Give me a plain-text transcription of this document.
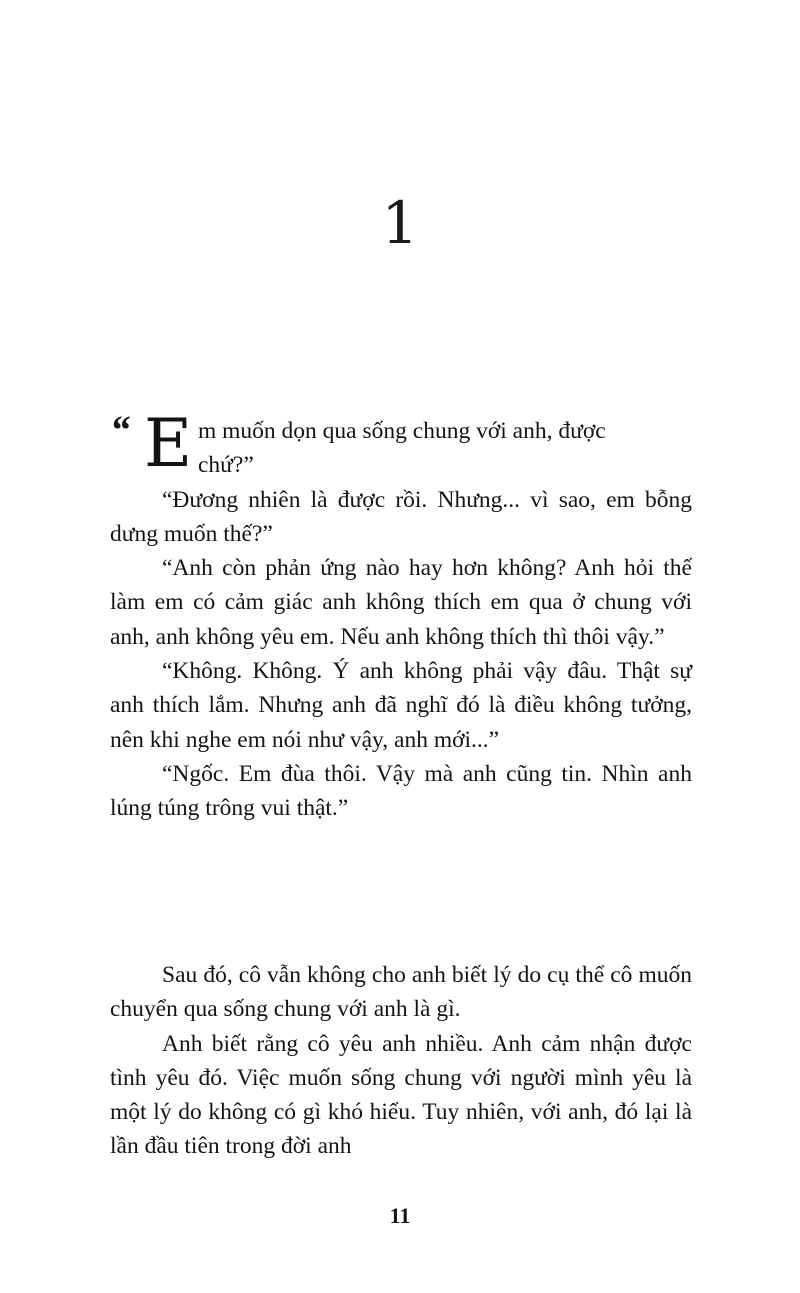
1
“ E m muốn dọn qua sống chung với anh, được
chứ?”

“Đương nhiên là được rồi. Nhưng... vì sao, em bỗng dưng muốn thế?”

“Anh còn phản ứng nào hay hơn không? Anh hỏi thế làm em có cảm giác anh không thích em qua ở chung với anh, anh không yêu em. Nếu anh không thích thì thôi vậy.”

“Không. Không. Ý anh không phải vậy đâu. Thật sự anh thích lắm. Nhưng anh đã nghĩ đó là điều không tưởng, nên khi nghe em nói như vậy, anh mới...”

“Ngốc. Em đùa thôi. Vậy mà anh cũng tin. Nhìn anh lúng túng trông vui thật.”

Sau đó, cô vẫn không cho anh biết lý do cụ thể cô muốn chuyển qua sống chung với anh là gì.

Anh biết rằng cô yêu anh nhiều. Anh cảm nhận được tình yêu đó. Việc muốn sống chung với người mình yêu là một lý do không có gì khó hiểu. Tuy nhiên, với anh, đó lại là lần đầu tiên trong đời anh

11
